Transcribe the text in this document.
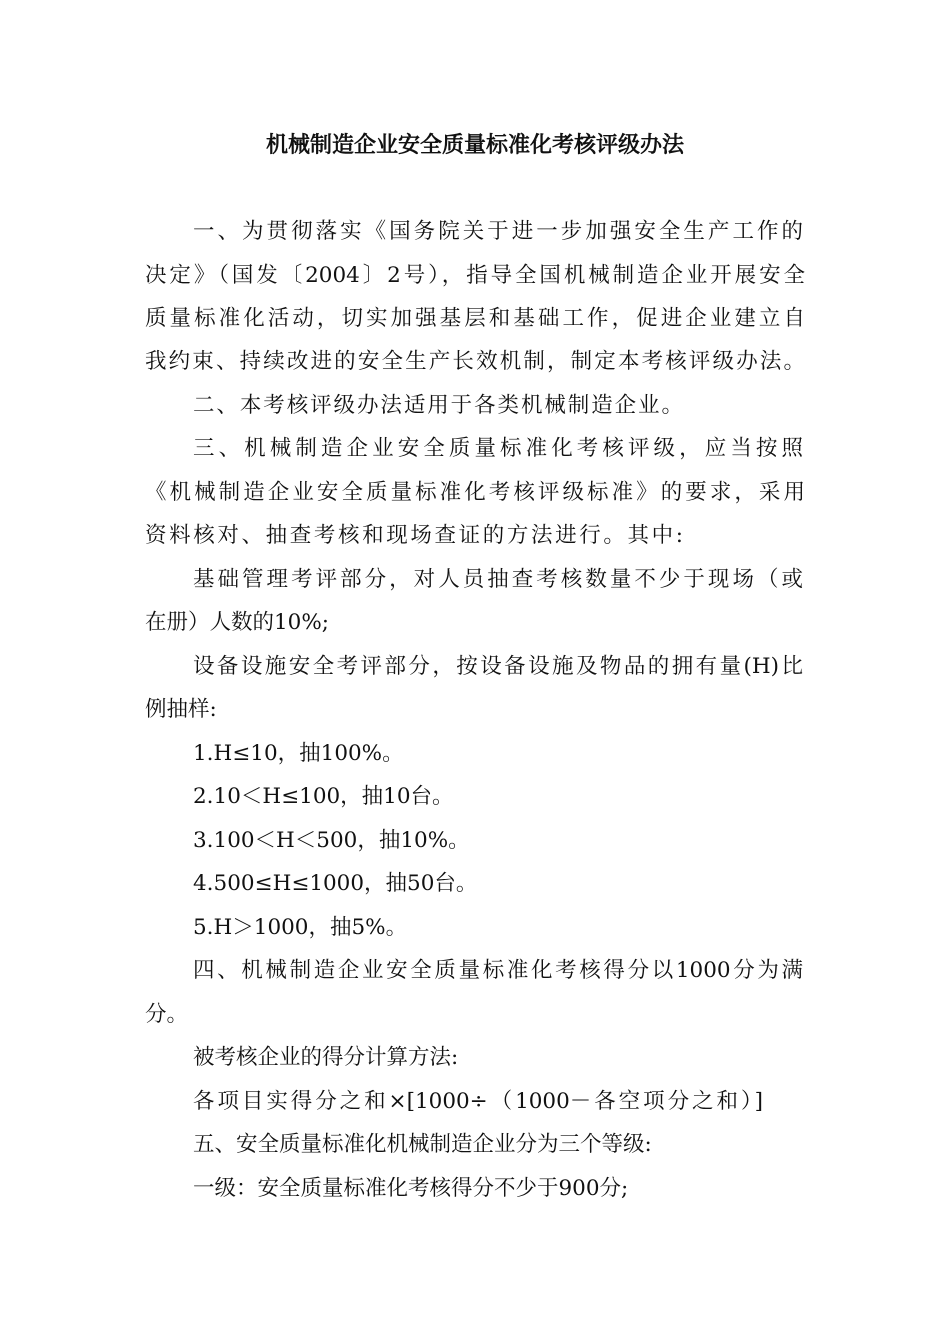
机械制造企业安全质量标准化考核评级办法
一、为贯彻落实《国务院关于进一步加强安全生产工作的
决定》（国发〔2004〕2号），指导全国机械制造企业开展安全
质量标准化活动，切实加强基层和基础工作，促进企业建立自
我约束、持续改进的安全生产长效机制，制定本考核评级办法。
二、本考核评级办法适用于各类机械制造企业。
三、机械制造企业安全质量标准化考核评级，应当按照
《机械制造企业安全质量标准化考核评级标准》的要求，采用
资料核对、抽查考核和现场查证的方法进行。其中:
基础管理考评部分，对人员抽查考核数量不少于现场（或
在册）人数的10%;
设备设施安全考评部分，按设备设施及物品的拥有量(H)比
例抽样:
1.H≤10，抽100%。
2.10＜H≤100，抽10台。
3.100＜H＜500，抽10%。
4.500≤H≤1000，抽50台。
5.H＞1000，抽5%。
四、机械制造企业安全质量标准化考核得分以1000分为满
分。
被考核企业的得分计算方法:
各项目实得分之和×[1000÷（1000－各空项分之和）]
五、安全质量标准化机械制造企业分为三个等级:
一级：安全质量标准化考核得分不少于900分;
